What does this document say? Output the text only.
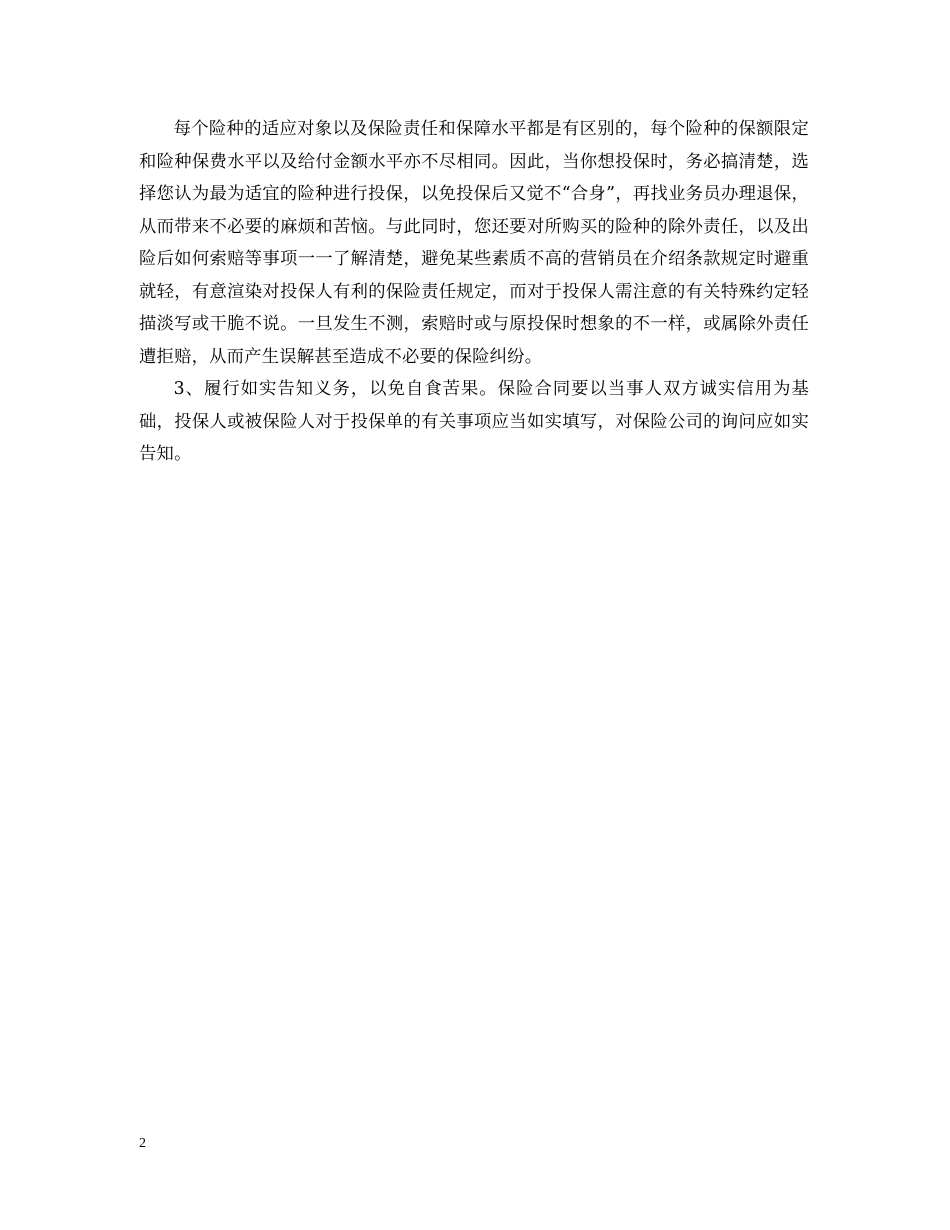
每个险种的适应对象以及保险责任和保障水平都是有区别的，每个险种的保额限定和险种保费水平以及给付金额水平亦不尽相同。因此，当你想投保时，务必搞清楚，选择您认为最为适宜的险种进行投保，以免投保后又觉不“合身”，再找业务员办理退保，从而带来不必要的麻烦和苦恼。与此同时，您还要对所购买的险种的除外责任，以及出险后如何索赔等事项一一了解清楚，避免某些素质不高的营销员在介绍条款规定时避重就轻，有意渲染对投保人有利的保险责任规定，而对于投保人需注意的有关特殊约定轻描淡写或干脆不说。一旦发生不测，索赔时或与原投保时想象的不一样，或属除外责任遭拒赔，从而产生误解甚至造成不必要的保险纠纷。

3、履行如实告知义务，以免自食苦果。保险合同要以当事人双方诚实信用为基础，投保人或被保险人对于投保单的有关事项应当如实填写，对保险公司的询问应如实告知。

2
